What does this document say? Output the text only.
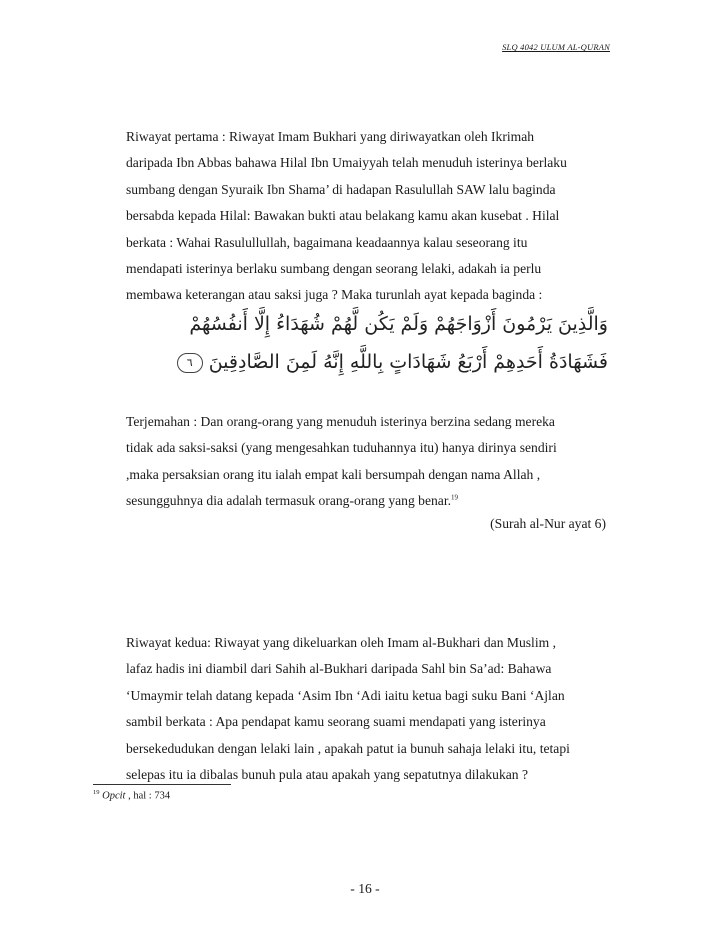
SLQ 4042 ULUM AL-QURAN
Riwayat pertama : Riwayat Imam Bukhari yang diriwayatkan oleh Ikrimah
daripada Ibn Abbas bahawa Hilal Ibn Umaiyyah telah menuduh isterinya berlaku
sumbang dengan Syuraik Ibn Shama’ di hadapan Rasulullah SAW lalu baginda
bersabda kepada Hilal: Bawakan bukti atau belakang kamu akan kusebat . Hilal
berkata : Wahai Rasulullullah, bagaimana keadaannya kalau seseorang itu
mendapati isterinya berlaku sumbang dengan seorang lelaki, adakah ia perlu
membawa keterangan atau saksi juga ? Maka turunlah ayat kepada baginda :
وَالَّذِينَ يَرْمُونَ أَزْوَاجَهُمْ وَلَمْ يَكُن لَّهُمْ شُهَدَاءُ إِلَّا أَنفُسُهُمْ
فَشَهَادَةُ أَحَدِهِمْ أَرْبَعُ شَهَادَاتٍ بِاللَّهِ إِنَّهُ لَمِنَ الصَّادِقِينَ ٦
Terjemahan : Dan orang-orang yang menuduh isterinya berzina sedang mereka
tidak ada saksi-saksi (yang mengesahkan tuduhannya itu) hanya dirinya sendiri
,maka persaksian orang itu ialah empat kali bersumpah dengan nama Allah ,
sesungguhnya dia adalah termasuk orang-orang yang benar.$^{19}$
(Surah al-Nur ayat 6)
Riwayat kedua: Riwayat yang dikeluarkan oleh Imam al-Bukhari dan Muslim ,
lafaz hadis ini diambil dari Sahih al-Bukhari daripada Sahl bin Sa’ad: Bahawa
‘Umaymir telah datang kepada ‘Asim Ibn ‘Adi iaitu ketua bagi suku Bani ‘Ajlan
sambil berkata : Apa pendapat kamu seorang suami mendapati yang isterinya
bersekedudukan dengan lelaki lain , apakah patut ia bunuh sahaja lelaki itu, tetapi
selepas itu ia dibalas bunuh pula atau apakah yang sepatutnya dilakukan ?
$^{19}$ Opcit , hal : 734
- 16 -
